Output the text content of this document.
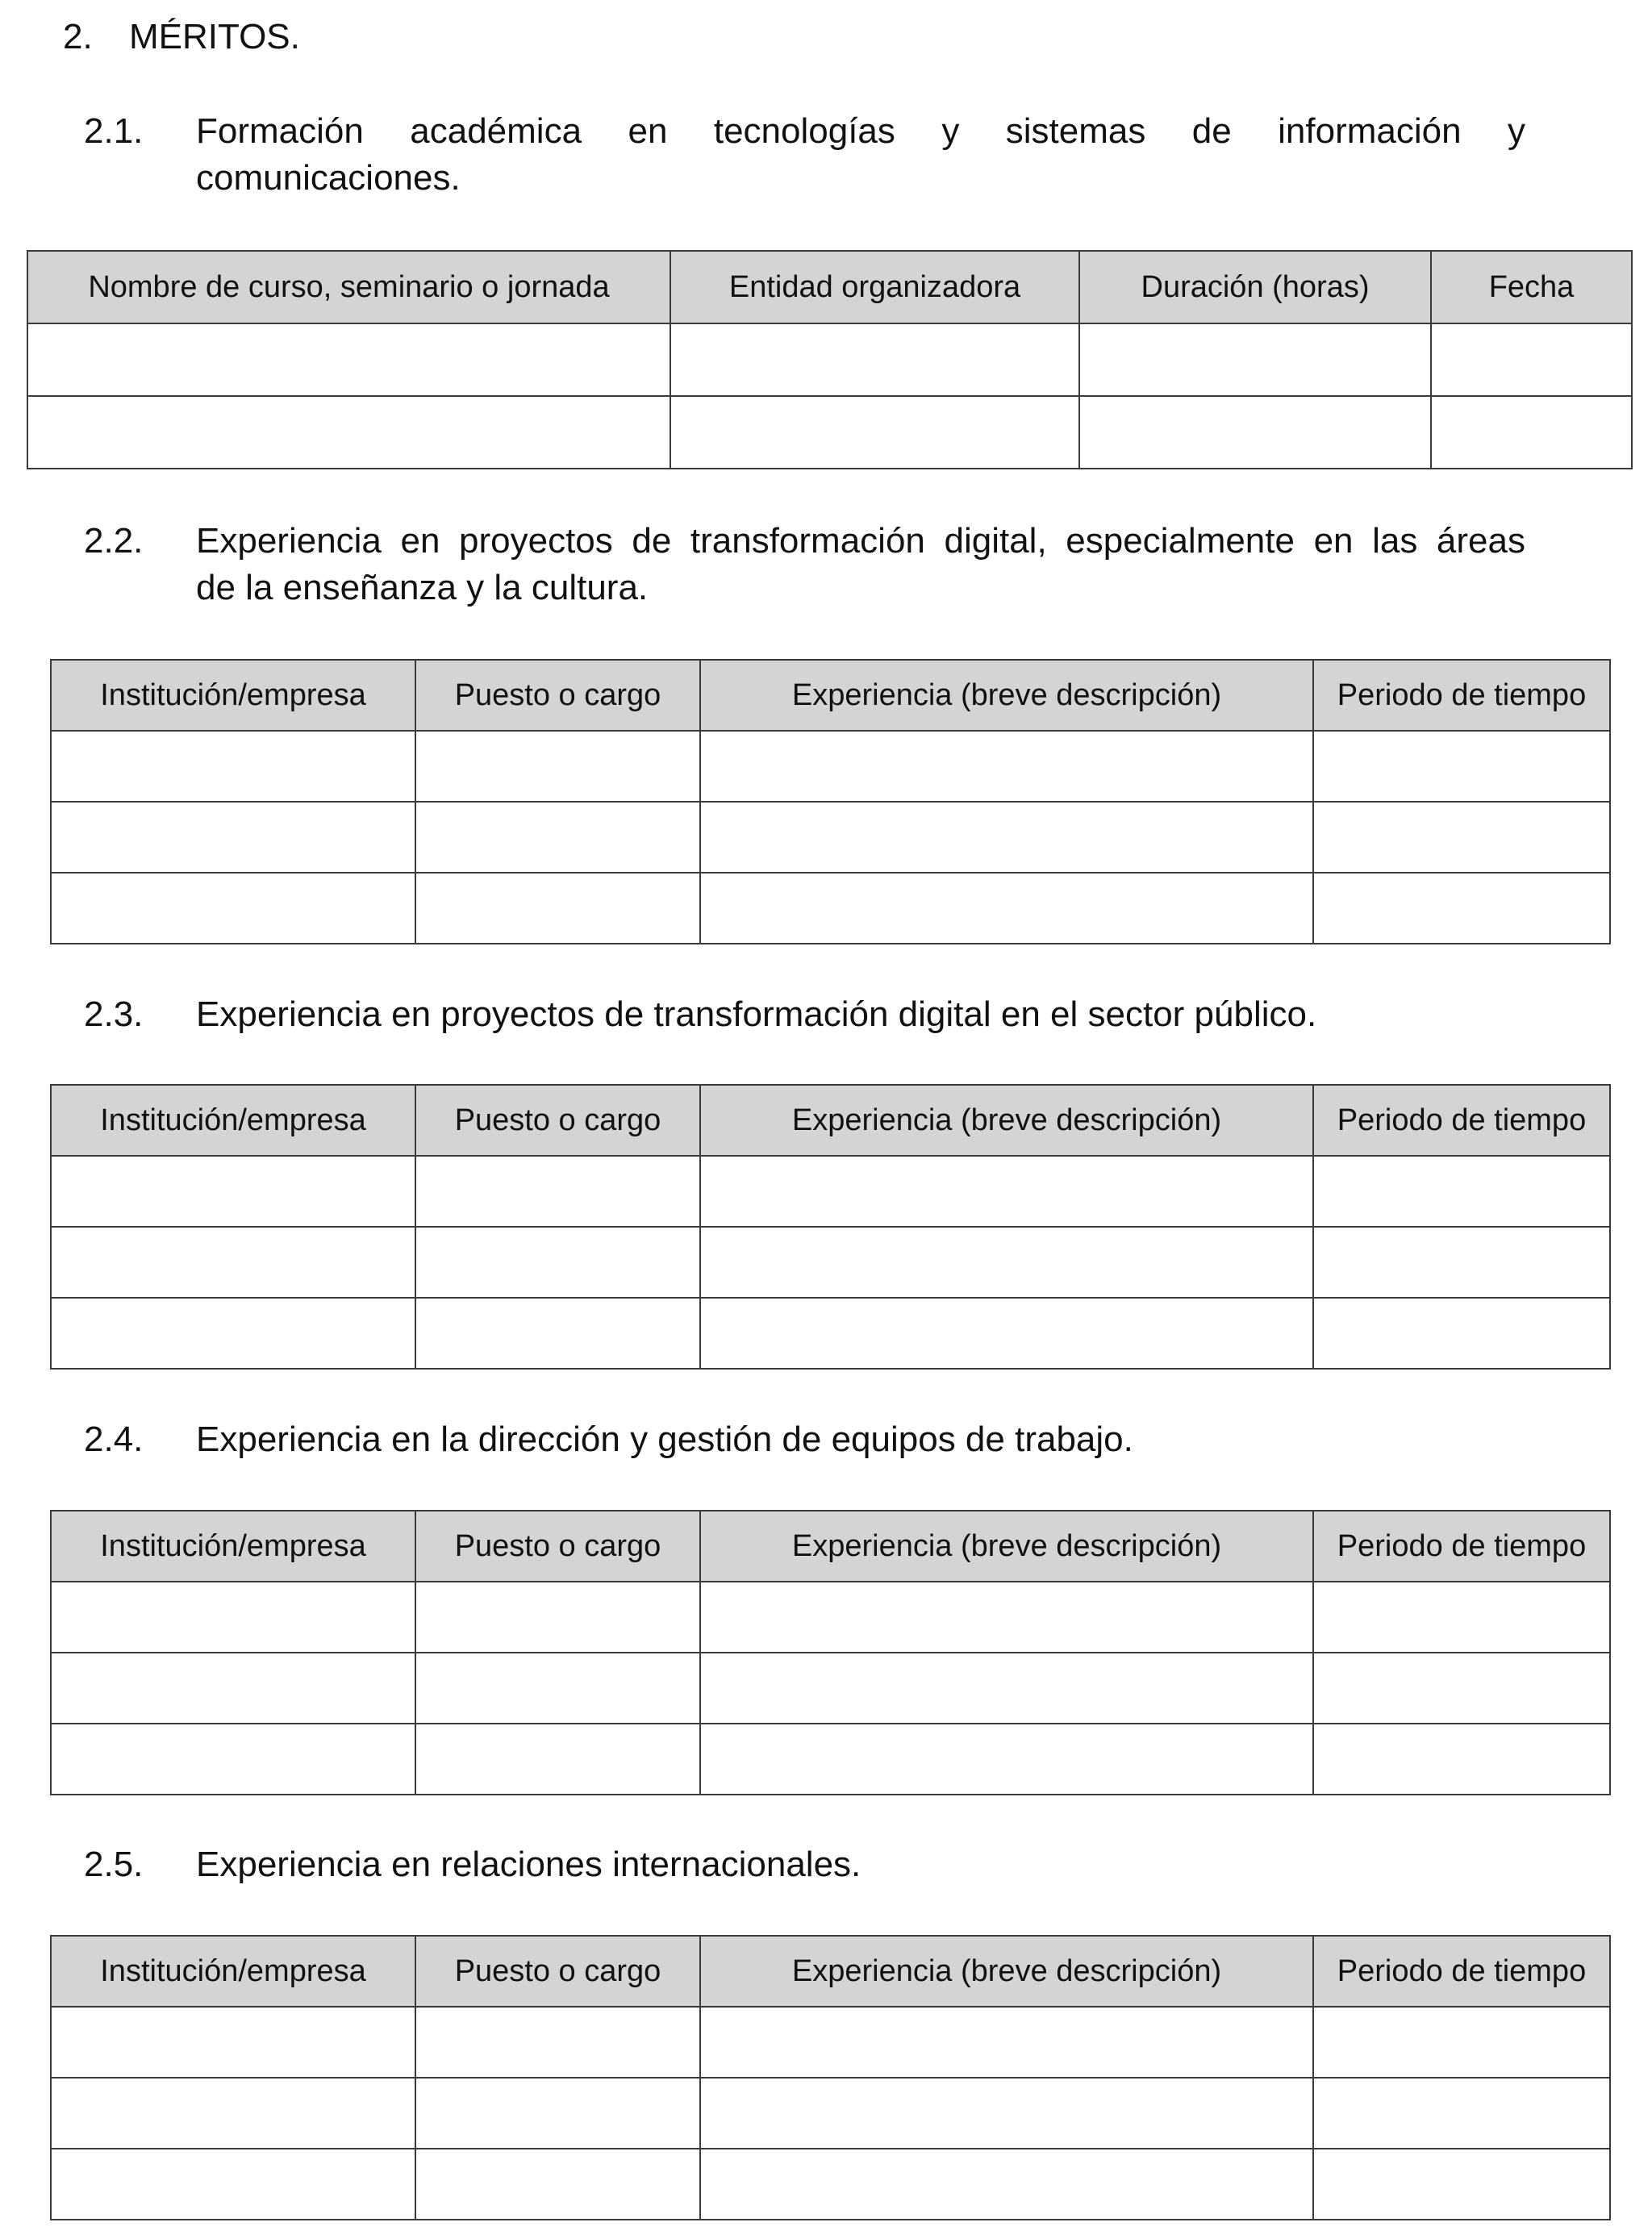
2. MÉRITOS.
2.1. Formación académica en tecnologías y sistemas de información y
comunicaciones.
Nombre de curso, seminario o jornada	Entidad organizadora	Duración (horas)	Fecha

2.2. Experiencia en proyectos de transformación digital, especialmente en las áreas
de la enseñanza y la cultura.
Institución/empresa	Puesto o cargo	Experiencia (breve descripción)	Periodo de tiempo

2.3. Experiencia en proyectos de transformación digital en el sector público.
Institución/empresa	Puesto o cargo	Experiencia (breve descripción)	Periodo de tiempo

2.4. Experiencia en la dirección y gestión de equipos de trabajo.
Institución/empresa	Puesto o cargo	Experiencia (breve descripción)	Periodo de tiempo

2.5. Experiencia en relaciones internacionales.
Institución/empresa	Puesto o cargo	Experiencia (breve descripción)	Periodo de tiempo
